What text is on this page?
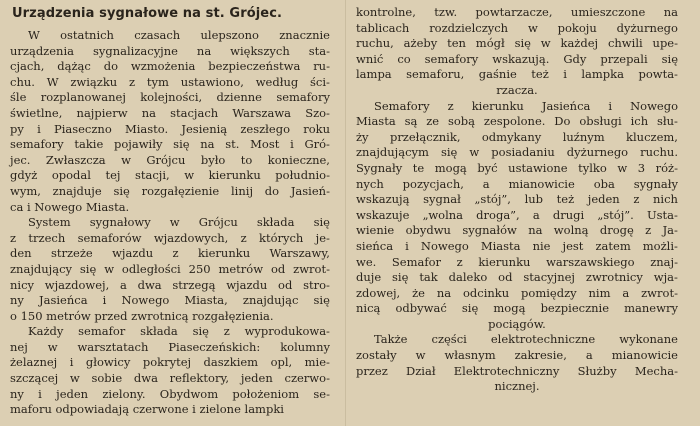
Urządzenia sygnałowe na st. Grójec.
W ostatnich czasach ulepszono znacznie
urządzenia sygnalizacyjne na większych sta-
cjach, dążąc do wzmożenia bezpieczeństwa ru-
chu. W związku z tym ustawiono, według ści-
śle rozplanowanej kolejności, dzienne semafory
świetlne, najpierw na stacjach Warszawa Szo-
py i Piaseczno Miasto. Jesienią zeszłego roku
semafory takie pojawiły się na st. Most i Gró-
jec. Zwłaszcza w Grójcu było to konieczne,
gdyż opodal tej stacji, w kierunku południo-
wym, znajduje się rozgałęzienie linij do Jasień-
ca i Nowego Miasta.
System sygnałowy w Grójcu składa się
z trzech semaforów wjazdowych, z których je-
den strzeże wjazdu z kierunku Warszawy,
znajdujący się w odległości 250 metrów od zwrot-
nicy wjazdowej, a dwa strzegą wjazdu od stro-
ny Jasieńca i Nowego Miasta, znajdując się
o 150 metrów przed zwrotnicą rozgałęzienia.
Każdy semafor składa się z wyprodukowa-
nej w warsztatach Piaseczeńskich: kolumny
żelaznej i głowicy pokrytej daszkiem opl, mie-
szczącej w sobie dwa reflektory, jeden czerwo-
ny i jeden zielony. Obydwom położeniom se-
maforu odpowiadają czerwone i zielone lampki
kontrolne, tzw. powtarzacze, umieszczone na
tablicach rozdzielczych w pokoju dyżurnego
ruchu, ażeby ten mógł się w każdej chwili upe-
wnić co semafory wskazują. Gdy przepali się
lampa semaforu, gaśnie też i lampka powta-
rzacza.
Semafory z kierunku Jasieńca i Nowego
Miasta są ze sobą zespolone. Do obsługi ich słu-
ży przełącznik, odmykany luźnym kluczem,
znajdującym się w posiadaniu dyżurnego ruchu.
Sygnały te mogą być ustawione tylko w 3 róż-
nych pozycjach, a mianowicie oba sygnały
wskazują sygnał „stój”, lub też jeden z nich
wskazuje „wolna droga”, a drugi „stój”. Usta-
wienie obydwu sygnałów na wolną drogę z Ja-
sieńca i Nowego Miasta nie jest zatem możli-
we. Semafor z kierunku warszawskiego znaj-
duje się tak daleko od stacyjnej zwrotnicy wja-
zdowej, że na odcinku pomiędzy nim a zwrot-
nicą odbywać się mogą bezpiecznie manewry
pociągów.
Także części elektrotechniczne wykonane
zostały w własnym zakresie, a mianowicie
przez Dział Elektrotechniczny Służby Mecha-
nicznej.
